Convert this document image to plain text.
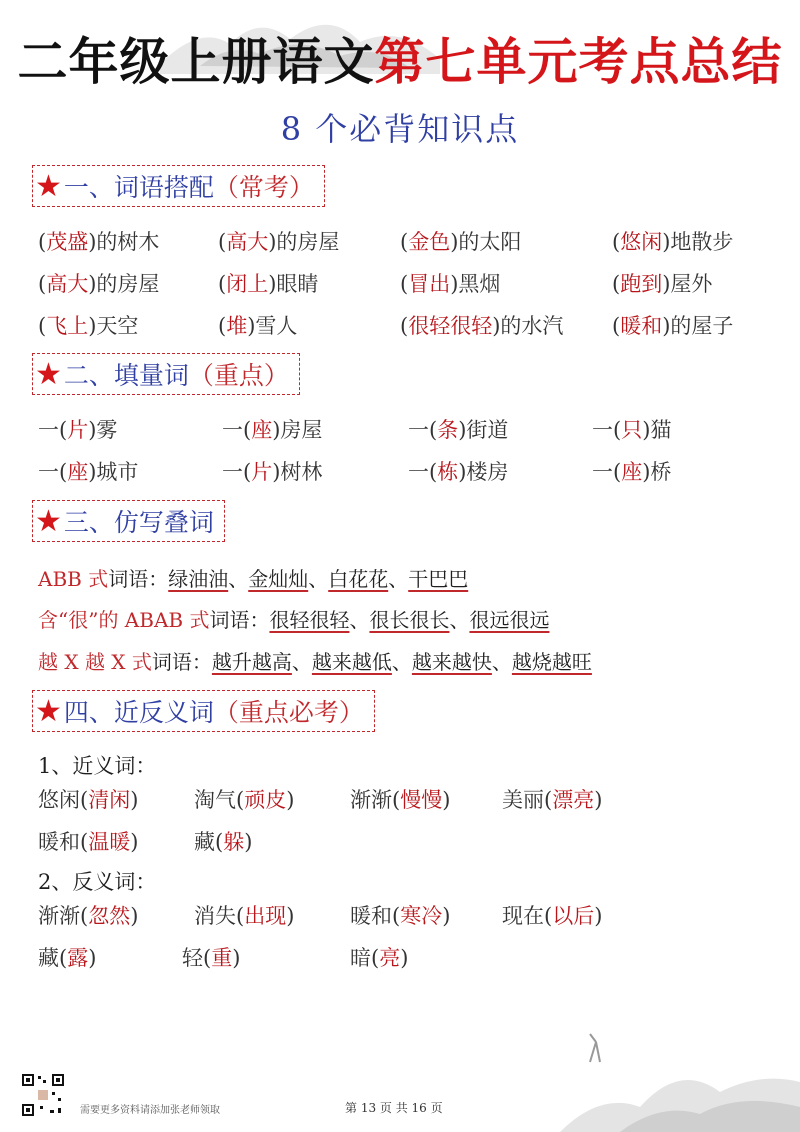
二年级上册语文第七单元考点总结
8 个必背知识点
★ 一、词语搭配 （常考）
★ 二、填量词 （重点）
★ 三、仿写叠词
ABB 式词语：绿油油、金灿灿、白花花、干巴巴
含“很”的 ABAB 式词语：很轻很轻、很长很长、很远很远
越 X 越 X 式词语：越升越高、越来越低、越来越快、越烧越旺
★ 四、近反义词 （重点必考）
1、近义词：
2、反义词：
(茂盛)的树木	(高大)的房屋	(金色)的太阳	(悠闲)地散步
(高大)的房屋	(闭上)眼睛	(冒出)黑烟	(跑到)屋外
(飞上)天空	(堆)雪人	(很轻很轻)的水汽 (暖和)的屋子
一(片)雾	一(座)房屋	一(条)街道	一(只)猫
一(座)城市	一(片)树林	一(栋)楼房	一(座)桥
悠闲(清闲)	淘气(顽皮)	渐渐(慢慢) 美丽(漂亮)
暖和(温暖)	藏(躲)
渐渐(忽然)	消失(出现)	暖和(寒冷) 现在(以后)
藏(露)	轻(重)	暗(亮)
需要更多资料请添加张老师领取	第 13 页 共 16 页
